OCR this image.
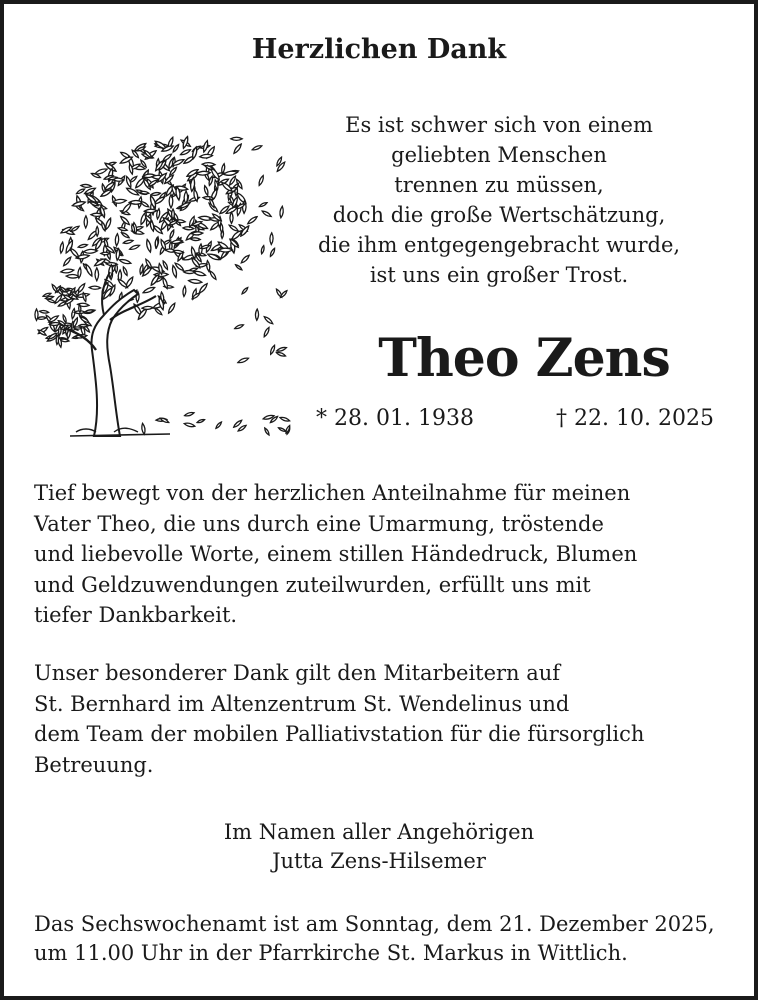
Herzlichen Dank
Es ist schwer sich von einem
geliebten Menschen
trennen zu müssen,
doch die große Wertschätzung,
die ihm entgegengebracht wurde,
ist uns ein großer Trost.
Theo Zens
* 28. 01. 1938	† 22. 10. 2025
Tief bewegt von der herzlichen Anteilnahme für meinen
Vater Theo, die uns durch eine Umarmung, tröstende
und liebevolle Worte, einem stillen Händedruck, Blumen
und Geldzuwendungen zuteilwurden, erfüllt uns mit
tiefer Dankbarkeit.
Unser besonderer Dank gilt den Mitarbeitern auf
St. Bernhard im Altenzentrum St. Wendelinus und
dem Team der mobilen Palliativstation für die fürsorglich
Betreuung.
Im Namen aller Angehörigen
Jutta Zens-Hilsemer
Das Sechswochenamt ist am Sonntag, dem 21. Dezember 2025,
um 11.00 Uhr in der Pfarrkirche St. Markus in Wittlich.
